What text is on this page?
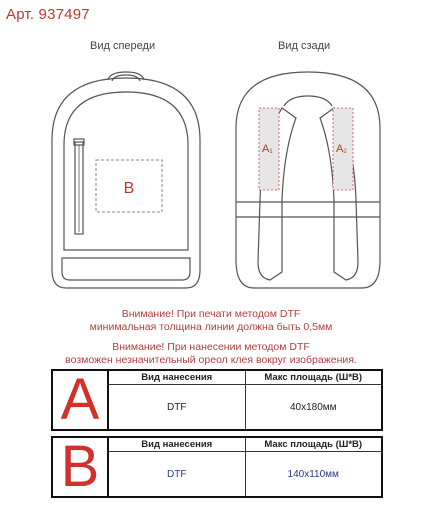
Арт. 937497
Вид спереди	Вид сзади
B
A1	A2
Внимание! При печати методом DTF
минимальная толщина линии должна быть 0,5мм
Внимание! При нанесении методом DTF
возможен незначительный ореол клея вокруг изображения.
A	Вид нанесения	Макс площадь (Ш*В)
	DTF	40x180мм
B	Вид нанесения	Макс площадь (Ш*В)
	DTF	140x110мм
